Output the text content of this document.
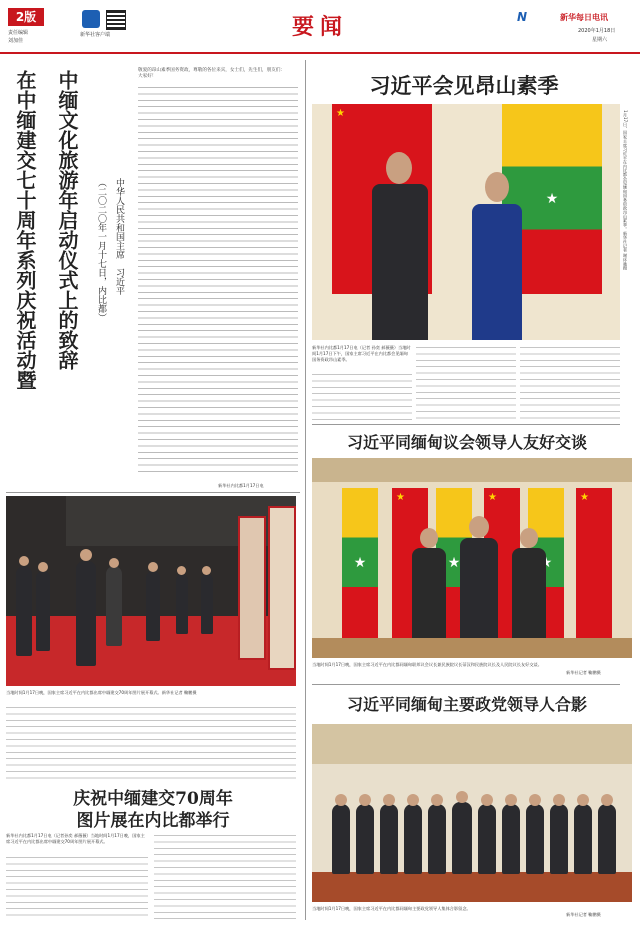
2版
责任编辑
刘加佳
新华社客户端	要闻	N	新华每日电讯
2020年1月18日
星期六
在中缅建交七十周年系列庆祝活动暨 中缅文化旅游年启动仪式上的致辞 （二〇二〇年一月十七日，内比都） 中华人民共和国主席　习近平
敬爱的昂山素季国务资政，尊敬的各位来宾，女士们，先生们，朋友们：
大家好！
新华社内比都1月17日电
当地时间1月17日晚，国家主席习近平在内比都出席中缅建交70周年图片展开幕式。新华社记者 鞠鹏摄
庆祝中缅建交70周年
图片展在内比都举行
新华社内比都1月17日电（记者孙奕 郝薇薇）当地时间1月17日晚，国家主席习近平在内比都出席中缅建交70周年图片展开幕式。
习近平会见昂山素季
★
★
1月17日，国家主席习近平在内比都会见缅甸国务资政昂山素季。新华社记者 谢环驰摄
新华社内比都1月17日电（记者 孙奕 郝薇薇）当地时间1月17日下午，国家主席习近平在内比都会见缅甸国务资政昂山素季。
习近平同缅甸议会领导人友好交谈
★
★
★
★
★
★
当地时间1月17日晚，国家主席习近平在内比都同缅甸联邦议会议长兼民族院议长蒂汉和民族院议长及人民院议长友好交谈。
新华社记者 鞠鹏摄
习近平同缅甸主要政党领导人合影
当地时间1月17日晚，国家主席习近平在内比都同缅甸主要政党领导人集体合影留念。
新华社记者 鞠鹏摄
